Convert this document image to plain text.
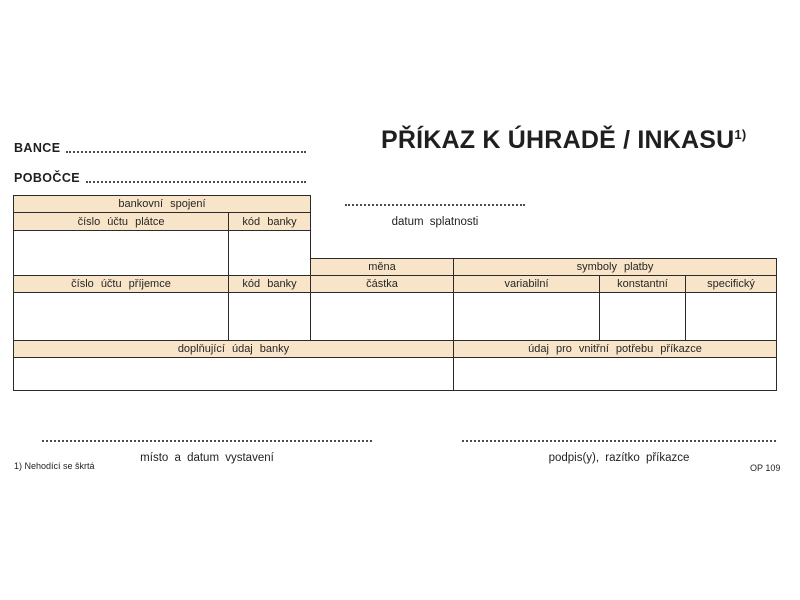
PŘÍKAZ K ÚHRADĚ / INKASU$^{1)}$
BANCE
POBOČCE
datum splatnosti
bankovní spojení
číslo účtu plátce	kód banky
měna	symboly platby
číslo účtu příjemce	kód banky	částka	variabilní	konstantní	specifický
doplňující údaj banky	údaj pro vnitřní potřebu příkazce
místo a datum vystavení	podpis(y), razítko příkazce
1) Nehodící se škrtá	OP 109
